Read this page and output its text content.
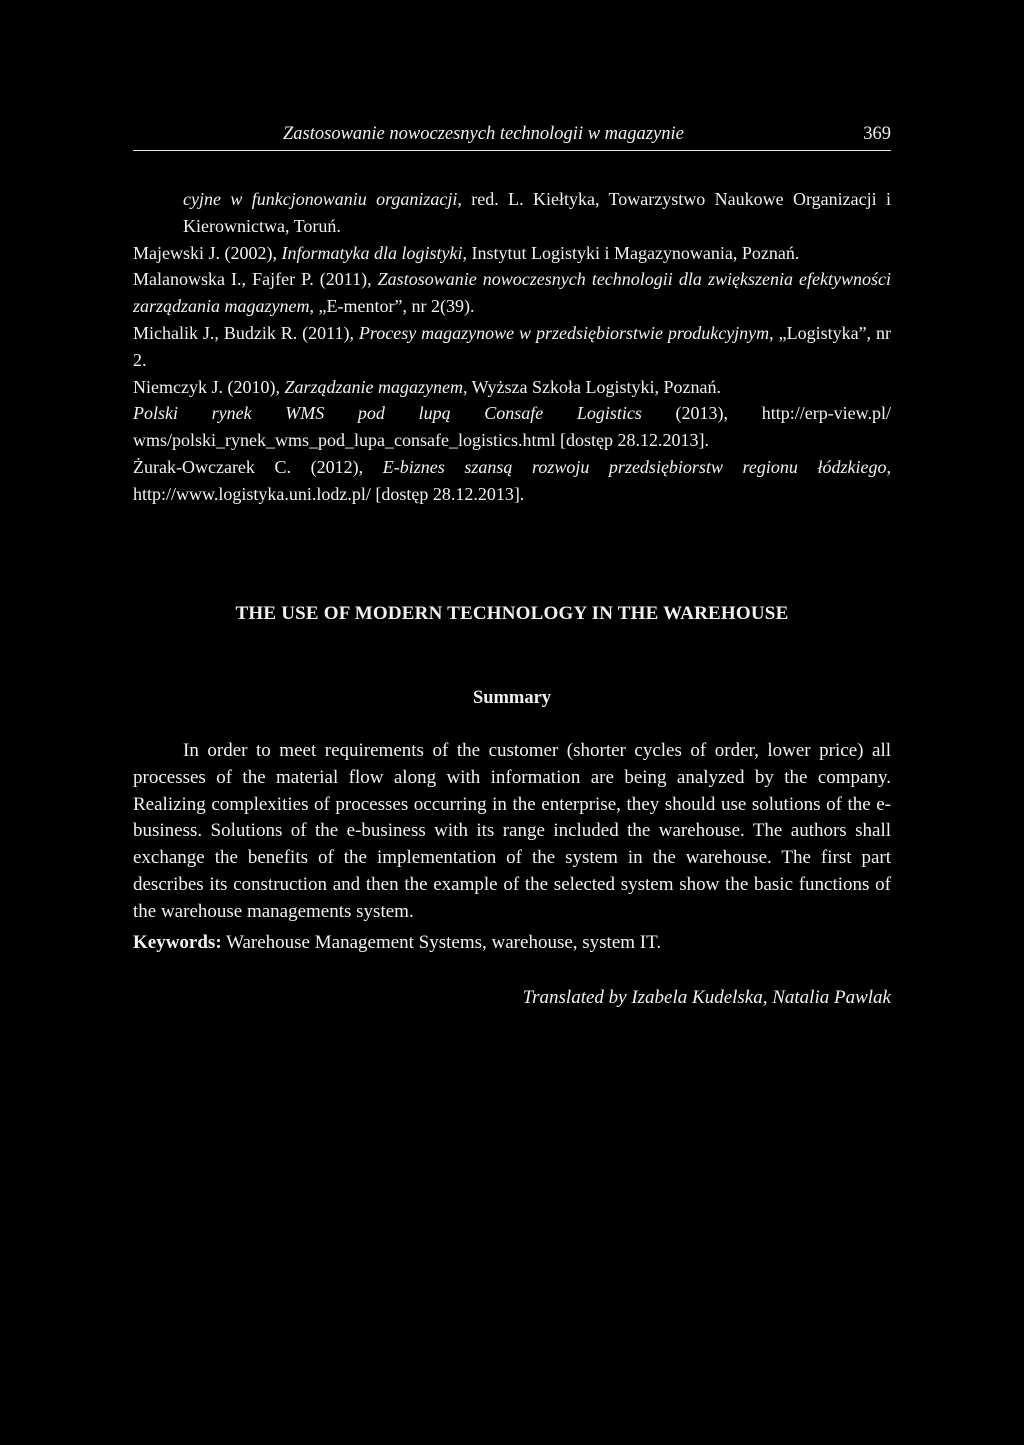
Zastosowanie nowoczesnych technologii w magazynie	369
cyjne w funkcjonowaniu organizacji, red. L. Kiełtyka, Towarzystwo Naukowe Organizacji i Kierownictwa, Toruń.
Majewski J. (2002), Informatyka dla logistyki, Instytut Logistyki i Magazynowania, Poznań.
Malanowska I., Fajfer P. (2011), Zastosowanie nowoczesnych technologii dla zwiększenia efektywności zarządzania magazynem, „E-mentor”, nr 2(39).
Michalik J., Budzik R. (2011), Procesy magazynowe w przedsiębiorstwie produkcyjnym, „Logistyka”, nr 2.
Niemczyk J. (2010), Zarządzanie magazynem, Wyższa Szkoła Logistyki, Poznań.
Polski rynek WMS pod lupą Consafe Logistics (2013), http://erp-view.pl/ wms/polski_rynek_wms_pod_lupa_consafe_logistics.html [dostęp 28.12.2013].
Żurak-Owczarek C. (2012), E-biznes szansą rozwoju przedsiębiorstw regionu łódzkiego, http://www.logistyka.uni.lodz.pl/ [dostęp 28.12.2013].
THE USE OF MODERN TECHNOLOGY IN THE WAREHOUSE
Summary

In order to meet requirements of the customer (shorter cycles of order, lower price) all processes of the material flow along with information are being analyzed by the company. Realizing complexities of processes occurring in the enterprise, they should use solutions of the e-business. Solutions of the e-business with its range included the warehouse. The authors shall exchange the benefits of the implementation of the system in the warehouse. The first part describes its construction and then the example of the selected system show the basic functions of the warehouse managements system.

Keywords: Warehouse Management Systems, warehouse, system IT.
Translated by Izabela Kudelska, Natalia Pawlak
